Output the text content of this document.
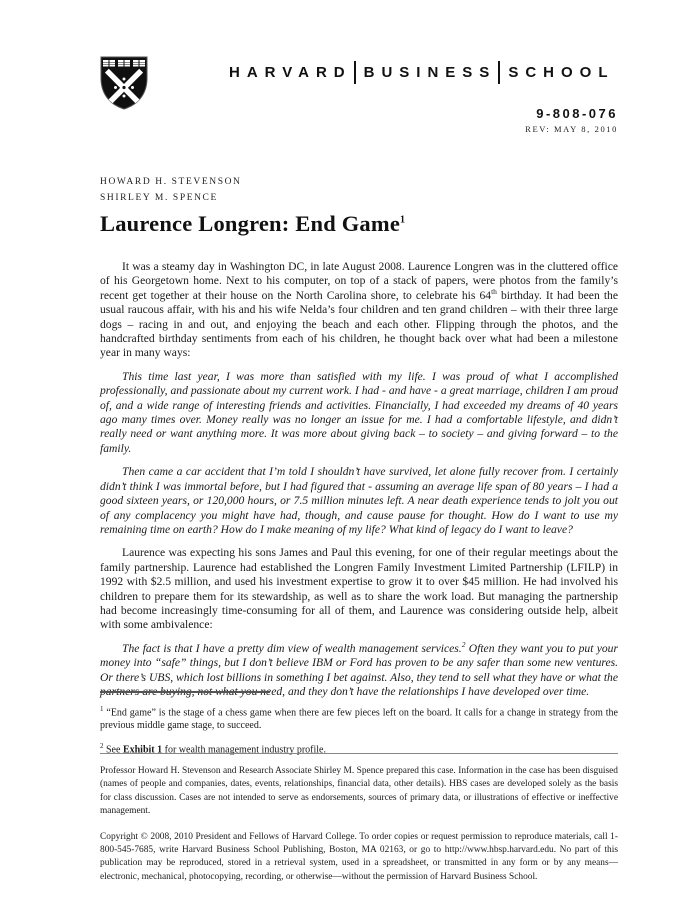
HARVARD BUSINESS SCHOOL
9-808-076
REV: MAY 8, 2010
HOWARD H. STEVENSON
SHIRLEY M. SPENCE
Laurence Longren: End Game$^1$

It was a steamy day in Washington DC, in late August 2008. Laurence Longren was in the cluttered office of his Georgetown home. Next to his computer, on top of a stack of papers, were photos from the family’s recent get together at their house on the North Carolina shore, to celebrate his 64th birthday. It had been the usual raucous affair, with his and his wife Nelda’s four children and ten grand children – with their three large dogs – racing in and out, and enjoying the beach and each other. Flipping through the photos, and the handcrafted birthday sentiments from each of his children, he thought back over what had been a milestone year in many ways:

This time last year, I was more than satisfied with my life. I was proud of what I accomplished professionally, and passionate about my current work. I had - and have - a great marriage, children I am proud of, and a wide range of interesting friends and activities. Financially, I had exceeded my dreams of 40 years ago many times over. Money really was no longer an issue for me. I had a comfortable lifestyle, and didn’t really need or want anything more. It was more about giving back – to society – and giving forward – to the family.

Then came a car accident that I’m told I shouldn’t have survived, let alone fully recover from. I certainly didn’t think I was immortal before, but I had figured that - assuming an average life span of 80 years – I had a good sixteen years, or 120,000 hours, or 7.5 million minutes left. A near death experience tends to jolt you out of any complacency you might have had, though, and cause pause for thought. How do I want to use my remaining time on earth? How do I make meaning of my life? What kind of legacy do I want to leave?

Laurence was expecting his sons James and Paul this evening, for one of their regular meetings about the family partnership. Laurence had established the Longren Family Investment Limited Partnership (LFILP) in 1992 with $2.5 million, and used his investment expertise to grow it to over $45 million. He had involved his children to prepare them for its stewardship, as well as to share the work load. But managing the partnership had become increasingly time-consuming for all of them, and Laurence was considering outside help, albeit with some ambivalence:

The fact is that I have a pretty dim view of wealth management services.$^2$ Often they want you to put your money into “safe” things, but I don’t believe IBM or Ford has proven to be any safer than some new ventures. Or there’s UBS, which lost billions in something I bet against. Also, they tend to sell what they have or what the partners are buying, not what you need, and they don’t have the relationships I have developed over time.

$^1$ “End game” is the stage of a chess game when there are few pieces left on the board. It calls for a change in strategy from the previous middle game stage, to succeed.
$^2$ See Exhibit 1 for wealth management industry profile.
Professor Howard H. Stevenson and Research Associate Shirley M. Spence prepared this case. Information in the case has been disguised (names of people and companies, dates, events, relationships, financial data, other details). HBS cases are developed solely as the basis for class discussion. Cases are not intended to serve as endorsements, sources of primary data, or illustrations of effective or ineffective management.
Copyright © 2008, 2010 President and Fellows of Harvard College. To order copies or request permission to reproduce materials, call 1-800-545-7685, write Harvard Business School Publishing, Boston, MA 02163, or go to http://www.hbsp.harvard.edu. No part of this publication may be reproduced, stored in a retrieval system, used in a spreadsheet, or transmitted in any form or by any means—electronic, mechanical, photocopying, recording, or otherwise—without the permission of Harvard Business School.
